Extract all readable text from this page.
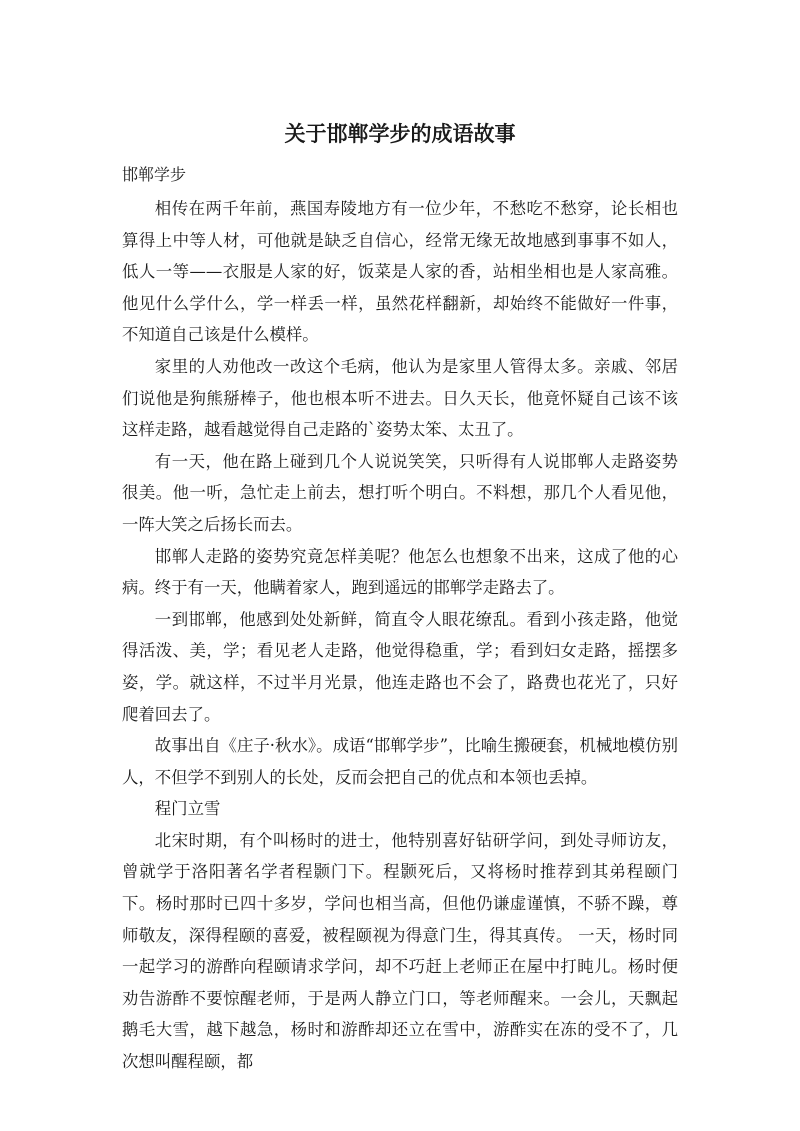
关于邯郸学步的成语故事
邯郸学步

相传在两千年前，燕国寿陵地方有一位少年，不愁吃不愁穿，论长相也算得上中等人材，可他就是缺乏自信心，经常无缘无故地感到事事不如人，低人一等——衣服是人家的好，饭菜是人家的香，站相坐相也是人家高雅。他见什么学什么，学一样丢一样，虽然花样翻新，却始终不能做好一件事，不知道自己该是什么模样。

家里的人劝他改一改这个毛病，他认为是家里人管得太多。亲戚、邻居们说他是狗熊掰棒子，他也根本听不进去。日久天长，他竟怀疑自己该不该这样走路，越看越觉得自己走路的`姿势太笨、太丑了。

有一天，他在路上碰到几个人说说笑笑，只听得有人说邯郸人走路姿势很美。他一听，急忙走上前去，想打听个明白。不料想，那几个人看见他，一阵大笑之后扬长而去。

邯郸人走路的姿势究竟怎样美呢？他怎么也想象不出来，这成了他的心病。终于有一天，他瞒着家人，跑到遥远的邯郸学走路去了。

一到邯郸，他感到处处新鲜，简直令人眼花缭乱。看到小孩走路，他觉得活泼、美，学；看见老人走路，他觉得稳重，学；看到妇女走路，摇摆多姿，学。就这样，不过半月光景，他连走路也不会了，路费也花光了，只好爬着回去了。

故事出自《庄子·秋水》。成语“邯郸学步”，比喻生搬硬套，机械地模仿别人，不但学不到别人的长处，反而会把自己的优点和本领也丢掉。

程门立雪

北宋时期，有个叫杨时的进士，他特别喜好钻研学问，到处寻师访友，曾就学于洛阳著名学者程颢门下。程颢死后，又将杨时推荐到其弟程颐门下。杨时那时已四十多岁，学问也相当高，但他仍谦虚谨慎，不骄不躁，尊师敬友，深得程颐的喜爱，被程颐视为得意门生，得其真传。 一天，杨时同一起学习的游酢向程颐请求学问，却不巧赶上老师正在屋中打盹儿。杨时便劝告游酢不要惊醒老师，于是两人静立门口，等老师醒来。一会儿，天飘起鹅毛大雪，越下越急，杨时和游酢却还立在雪中，游酢实在冻的受不了，几次想叫醒程颐，都
